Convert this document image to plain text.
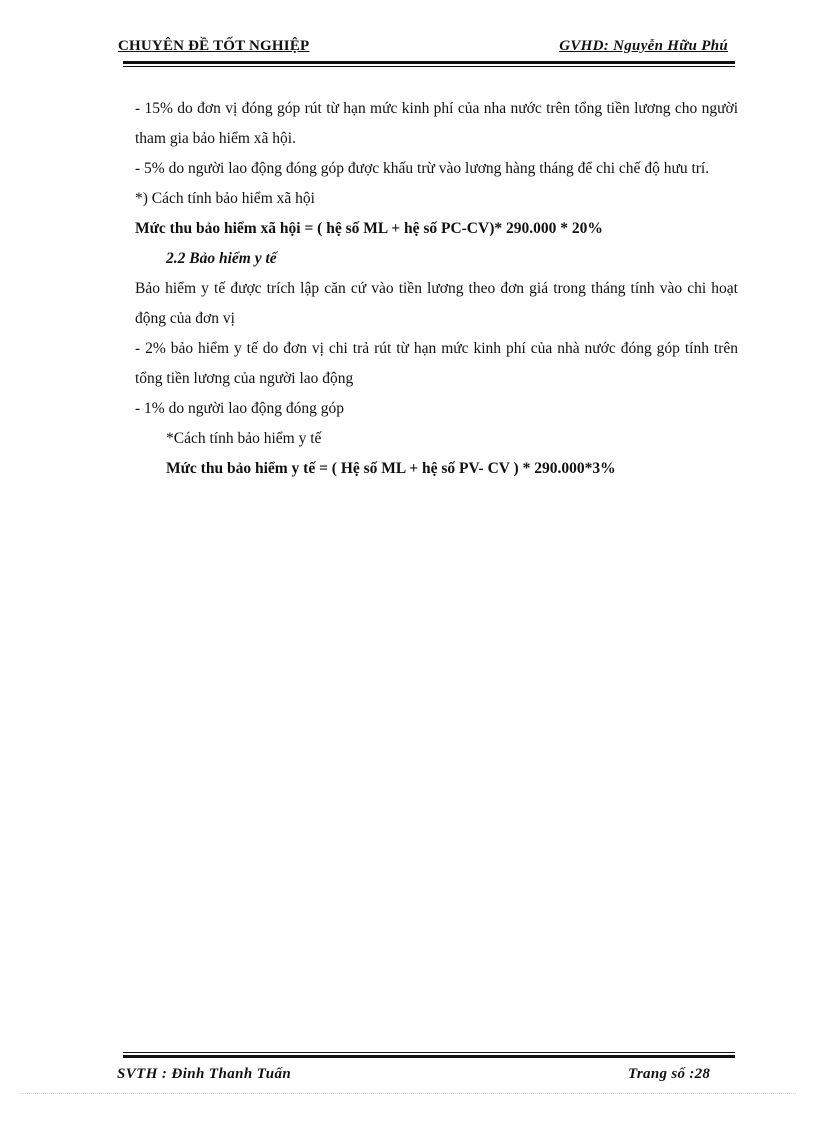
CHUYÊN ĐỀ TỐT NGHIỆP	GVHD: Nguyễn Hữu Phú

- 15% do đơn vị đóng góp rút từ hạn mức kinh phí của nha nước trên tổng tiền lương cho người tham gia bảo hiểm xã hội.

- 5% do người lao động đóng góp được khấu trừ vào lương hàng tháng để chi chế độ hưu trí.

*) Cách tính bảo hiểm xã hội

Mức thu bảo hiểm xã hội = ( hệ số ML + hệ số PC-CV)* 290.000 * 20%

2.2 Bảo hiểm y tế

Bảo hiểm y tế được trích lập căn cứ vào tiền lương theo đơn giá trong tháng tính vào chi hoạt động của đơn vị

- 2% bảo hiểm y tế do đơn vị chi trả rút từ hạn mức kinh phí của nhà nước đóng góp tính trên tổng tiền lương của người lao động

- 1% do người lao động đóng góp

*Cách tính bảo hiểm y tế

Mức thu bảo hiểm y tế = ( Hệ số ML + hệ số PV- CV ) * 290.000*3%

SVTH : Đinh Thanh Tuấn	Trang số :28
